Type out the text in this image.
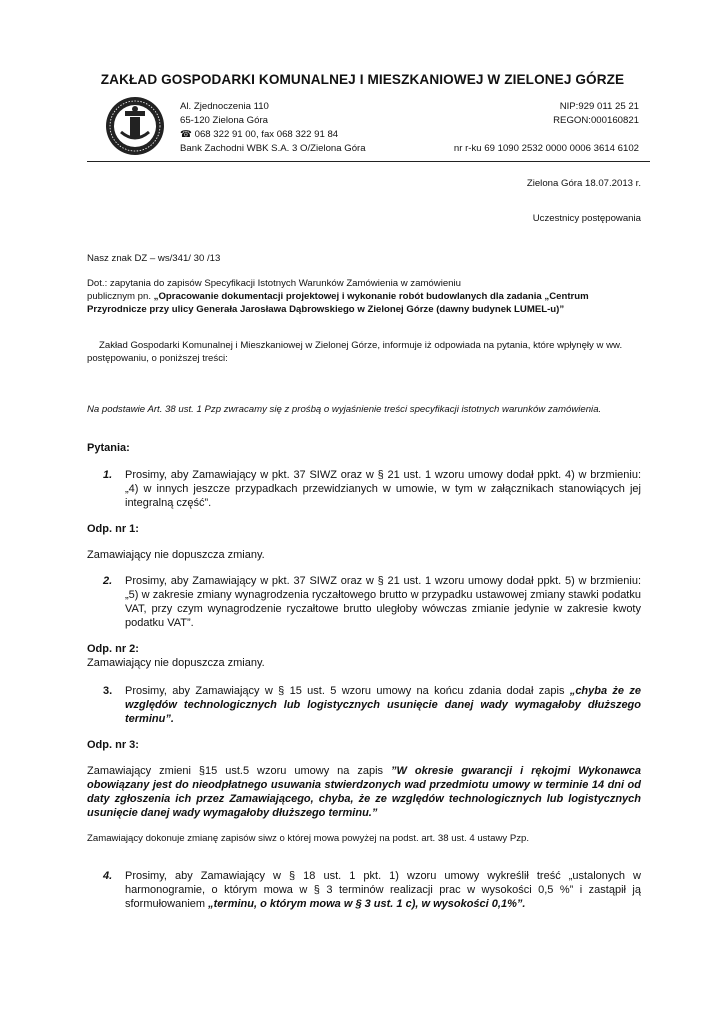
ZAKŁAD GOSPODARKI KOMUNALNEJ I MIESZKANIOWEJ W ZIELONEJ GÓRZE
Al. Zjednoczenia 110
65-120 Zielona Góra
☎ 068 322 91 00, fax 068 322 91 84
Bank Zachodni WBK S.A. 3 O/Zielona Góra
NIP:929 011 25 21
REGON:000160821
nr r-ku 69 1090 2532 0000 0006 3614 6102
Zielona Góra 18.07.2013 r.
Uczestnicy postępowania
Nasz znak DZ – ws/341/ 30 /13
Dot.: zapytania do zapisów Specyfikacji Istotnych Warunków Zamówienia w zamówieniu
publicznym pn. „Opracowanie dokumentacji projektowej i wykonanie robót budowlanych dla zadania „Centrum Przyrodnicze przy ulicy Generała Jarosława Dąbrowskiego w Zielonej Górze (dawny budynek LUMEL-u)”
Zakład Gospodarki Komunalnej i Mieszkaniowej w Zielonej Górze, informuje iż odpowiada na pytania, które wpłynęły w ww. postępowaniu, o poniższej treści:
Na podstawie Art. 38 ust. 1 Pzp zwracamy się z prośbą o wyjaśnienie treści specyfikacji istotnych warunków zamówienia.
Pytania:
1.	Prosimy, aby Zamawiający w pkt. 37 SIWZ oraz w § 21 ust. 1 wzoru umowy dodał ppkt. 4) w brzmieniu: „4) w innych jeszcze przypadkach przewidzianych w umowie, w tym w załącznikach stanowiących jej integralną część”.
Odp. nr 1:
Zamawiający nie dopuszcza zmiany.
2.	Prosimy, aby Zamawiający w pkt. 37 SIWZ oraz w § 21 ust. 1 wzoru umowy dodał ppkt. 5) w brzmieniu: „5) w zakresie zmiany wynagrodzenia ryczałtowego brutto w przypadku ustawowej zmiany stawki podatku VAT, przy czym wynagrodzenie ryczałtowe brutto uległoby wówczas zmianie jedynie w zakresie kwoty podatku VAT”.
Odp. nr 2:
Zamawiający nie dopuszcza zmiany.
3.	Prosimy, aby Zamawiający w § 15 ust. 5 wzoru umowy na końcu zdania dodał zapis „chyba że ze względów technologicznych lub logistycznych usunięcie danej wady wymagałoby dłuższego terminu”.
Odp. nr 3:
Zamawiający zmieni §15 ust.5 wzoru umowy na zapis ”W okresie gwarancji i rękojmi Wykonawca obowiązany jest do nieodpłatnego usuwania stwierdzonych wad przedmiotu umowy w terminie 14 dni od daty zgłoszenia ich przez Zamawiającego, chyba, że ze względów technologicznych lub logistycznych usunięcie danej wady wymagałoby dłuższego terminu.”
Zamawiający dokonuje zmianę zapisów siwz o której mowa powyżej na podst. art. 38 ust. 4 ustawy Pzp.
4.	Prosimy, aby Zamawiający w § 18 ust. 1 pkt. 1) wzoru umowy wykreślił treść „ustalonych w harmonogramie, o którym mowa w § 3 terminów realizacji prac w wysokości 0,5 %” i zastąpił ją sformułowaniem „terminu, o którym mowa w § 3 ust. 1 c), w wysokości 0,1%”.
